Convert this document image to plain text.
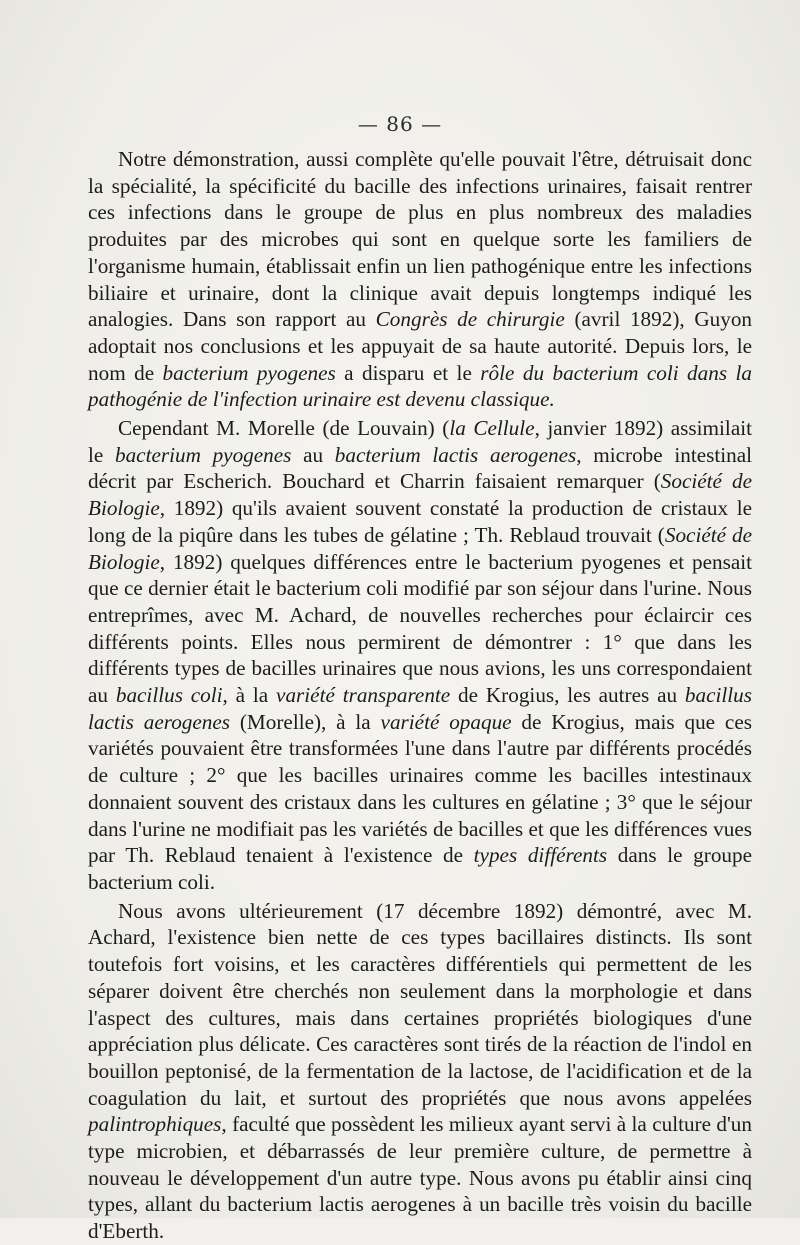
— 86 —

Notre démonstration, aussi complète qu'elle pouvait l'être, détruisait donc la spécialité, la spécificité du bacille des infections urinaires, faisait rentrer ces infections dans le groupe de plus en plus nombreux des maladies produites par des microbes qui sont en quelque sorte les familiers de l'organisme humain, établissait enfin un lien pathogénique entre les infections biliaire et urinaire, dont la clinique avait depuis longtemps indiqué les analogies. Dans son rapport au Congrès de chirurgie (avril 1892), Guyon adoptait nos conclusions et les appuyait de sa haute autorité. Depuis lors, le nom de bacterium pyogenes a disparu et le rôle du bacterium coli dans la pathogénie de l'infection urinaire est devenu classique.

Cependant M. Morelle (de Louvain) (la Cellule, janvier 1892) assimilait le bacterium pyogenes au bacterium lactis aerogenes, microbe intestinal décrit par Escherich. Bouchard et Charrin faisaient remarquer (Société de Biologie, 1892) qu'ils avaient souvent constaté la production de cristaux le long de la piqûre dans les tubes de gélatine ; Th. Reblaud trouvait (Société de Biologie, 1892) quelques différences entre le bacterium pyogenes et pensait que ce dernier était le bacterium coli modifié par son séjour dans l'urine. Nous entreprîmes, avec M. Achard, de nouvelles recherches pour éclaircir ces différents points. Elles nous permirent de démontrer : 1° que dans les différents types de bacilles urinaires que nous avions, les uns correspondaient au bacillus coli, à la variété transparente de Krogius, les autres au bacillus lactis aerogenes (Morelle), à la variété opaque de Krogius, mais que ces variétés pouvaient être transformées l'une dans l'autre par différents procédés de culture ; 2° que les bacilles urinaires comme les bacilles intestinaux donnaient souvent des cristaux dans les cultures en gélatine ; 3° que le séjour dans l'urine ne modifiait pas les variétés de bacilles et que les différences vues par Th. Reblaud tenaient à l'existence de types différents dans le groupe bacterium coli.

Nous avons ultérieurement (17 décembre 1892) démontré, avec M. Achard, l'existence bien nette de ces types bacillaires distincts. Ils sont toutefois fort voisins, et les caractères différentiels qui permettent de les séparer doivent être cherchés non seulement dans la morphologie et dans l'aspect des cultures, mais dans certaines propriétés biologiques d'une appréciation plus délicate. Ces caractères sont tirés de la réaction de l'indol en bouillon peptonisé, de la fermentation de la lactose, de l'acidification et de la coagulation du lait, et surtout des propriétés que nous avons appelées palintrophiques, faculté que possèdent les milieux ayant servi à la culture d'un type microbien, et débarrassés de leur première culture, de permettre à nouveau le développement d'un autre type. Nous avons pu établir ainsi cinq types, allant du bacterium lactis aerogenes à un bacille très voisin du bacille d'Eberth.
